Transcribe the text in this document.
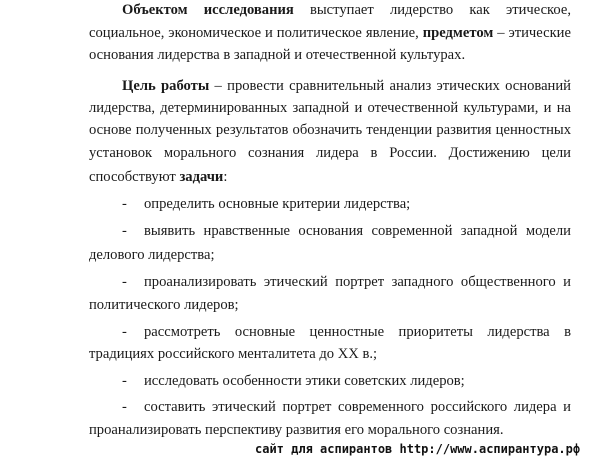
Объектом исследования выступает лидерство как этическое,
социальное, экономическое и политическое явление, предметом – этические
основания лидерства в западной и отечественной культурах.
Цель работы – провести сравнительный анализ этических оснований
лидерства, детерминированных западной и отечественной культурами, и на
основе полученных результатов обозначить тенденции развития ценностных
установок морального сознания лидера в России. Достижению цели
способствуют задачи:
- определить основные критерии лидерства;
- выявить нравственные основания современной западной модели
делового лидерства;
- проанализировать этический портрет западного общественного и
политического лидеров;
- рассмотреть основные ценностные приоритеты лидерства в
традициях российского менталитета до XX в.;
- исследовать особенности этики советских лидеров;
- составить этический портрет современного российского лидера и
проанализировать перспективу развития его морального сознания.
сайт для аспирантов http://www.аспирантура.рф
